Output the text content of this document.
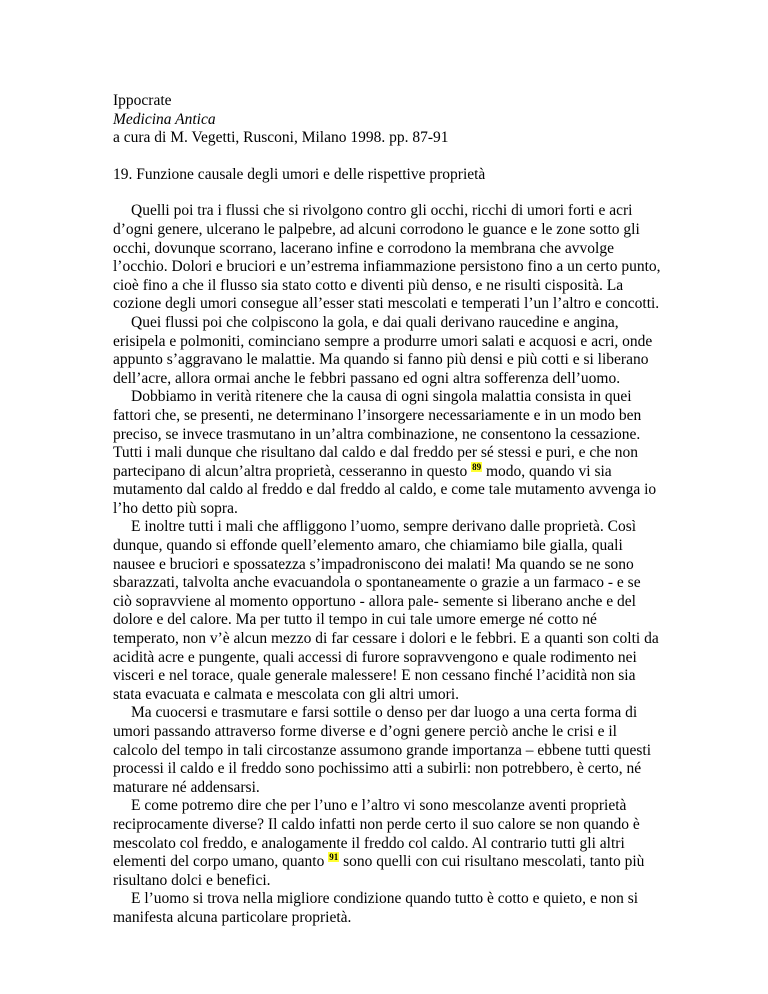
Ippocrate
Medicina Antica
a cura di M. Vegetti, Rusconi, Milano 1998. pp. 87-91

19. Funzione causale degli umori e delle rispettive proprietà

Quelli poi tra i flussi che si rivolgono contro gli occhi, ricchi di umori forti e acri d’ogni genere, ulcerano le palpebre, ad alcuni corrodono le guance e le zone sotto gli occhi, dovunque scorrano, lacerano infine e corrodono la membrana che avvolge l’occhio. Dolori e bruciori e un’estrema infiammazione persistono fino a un certo punto, cioè fino a che il flusso sia stato cotto e diventi più denso, e ne risulti cisposità. La cozione degli umori consegue all’esser stati mescolati e temperati l’un l’altro e concotti.

Quei flussi poi che colpiscono la gola, e dai quali derivano raucedine e angina, erisipela e polmoniti, cominciano sempre a produrre umori salati e acquosi e acri, onde appunto s’aggravano le malattie. Ma quando si fanno più densi e più cotti e si liberano dell’acre, allora ormai anche le febbri passano ed ogni altra sofferenza dell’uomo.

Dobbiamo in verità ritenere che la causa di ogni singola malattia consista in quei fattori che, se presenti, ne determinano l’insorgere necessariamente e in un modo ben preciso, se invece trasmutano in un’altra combinazione, ne consentono la cessazione. Tutti i mali dunque che risultano dal caldo e dal freddo per sé stessi e puri, e che non partecipano di alcun’altra proprietà, cesseranno in questo $^{89}$ modo, quando vi sia mutamento dal caldo al freddo e dal freddo al caldo, e come tale mutamento avvenga io l’ho detto più sopra.

E inoltre tutti i mali che affliggono l’uomo, sempre derivano dalle proprietà. Così dunque, quando si effonde quell’elemento amaro, che chiamiamo bile gialla, quali nausee e bruciori e spossatezza s’impadroniscono dei malati! Ma quando se ne sono sbarazzati, talvolta anche evacuandola o spontaneamente o grazie a un farmaco - e se ciò sopravviene al momento opportuno - allora pale- semente si liberano anche e del dolore e del calore. Ma per tutto il tempo in cui tale umore emerge né cotto né temperato, non v’è alcun mezzo di far cessare i dolori e le febbri. E a quanti son colti da acidità acre e pungente, quali accessi di furore sopravvengono e quale rodimento nei visceri e nel torace, quale generale malessere! E non cessano finché l’acidità non sia stata evacuata e calmata e mescolata con gli altri umori.

Ma cuocersi e trasmutare e farsi sottile o denso per dar luogo a una certa forma di umori passando attraverso forme diverse e d’ogni genere perciò anche le crisi e il calcolo del tempo in tali circostanze assumono grande importanza – ebbene tutti questi processi il caldo e il freddo sono pochissimo atti a subirli: non potrebbero, è certo, né maturare né addensarsi.

E come potremo dire che per l’uno e l’altro vi sono mescolanze aventi proprietà reciprocamente diverse? Il caldo infatti non perde certo il suo calore se non quando è mescolato col freddo, e analogamente il freddo col caldo. Al contrario tutti gli altri elementi del corpo umano, quanto $^{91}$ sono quelli con cui risultano mescolati, tanto più risultano dolci e benefici.

E l’uomo si trova nella migliore condizione quando tutto è cotto e quieto, e non si manifesta alcuna particolare proprietà.
